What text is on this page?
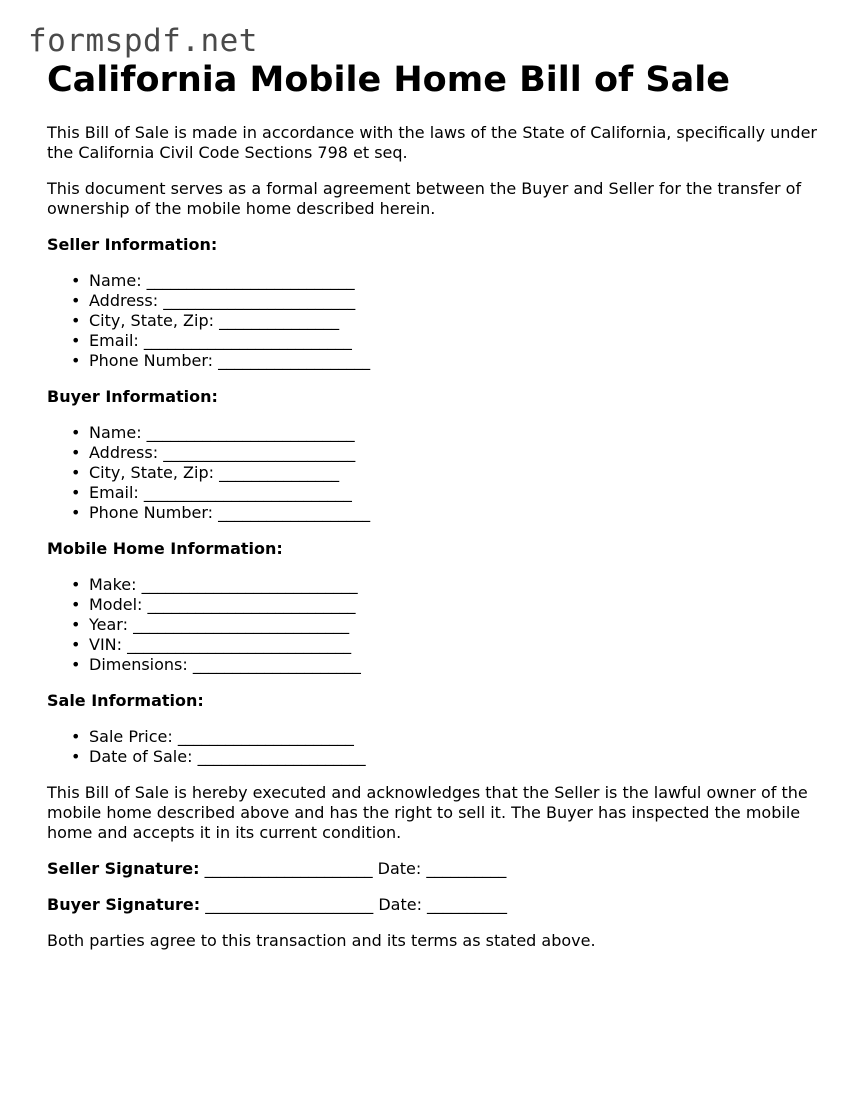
formspdf.net
California Mobile Home Bill of Sale

This Bill of Sale is made in accordance with the laws of the State of California, specifically under the California Civil Code Sections 798 et seq.

This document serves as a formal agreement between the Buyer and Seller for the transfer of ownership of the mobile home described herein.

Seller Information:
• Name: __________________________
• Address: ________________________
• City, State, Zip: _______________
• Email: __________________________
• Phone Number: ___________________
Buyer Information:
• Name: __________________________
• Address: ________________________
• City, State, Zip: _______________
• Email: __________________________
• Phone Number: ___________________
Mobile Home Information:
• Make: ___________________________
• Model: __________________________
• Year: ___________________________
• VIN: ____________________________
• Dimensions: _____________________
Sale Information:
• Sale Price: ______________________
• Date of Sale: _____________________

This Bill of Sale is hereby executed and acknowledges that the Seller is the lawful owner of the mobile home described above and has the right to sell it. The Buyer has inspected the mobile home and accepts it in its current condition.

Seller Signature: _____________________ Date: __________
Buyer Signature: _____________________ Date: __________

Both parties agree to this transaction and its terms as stated above.
